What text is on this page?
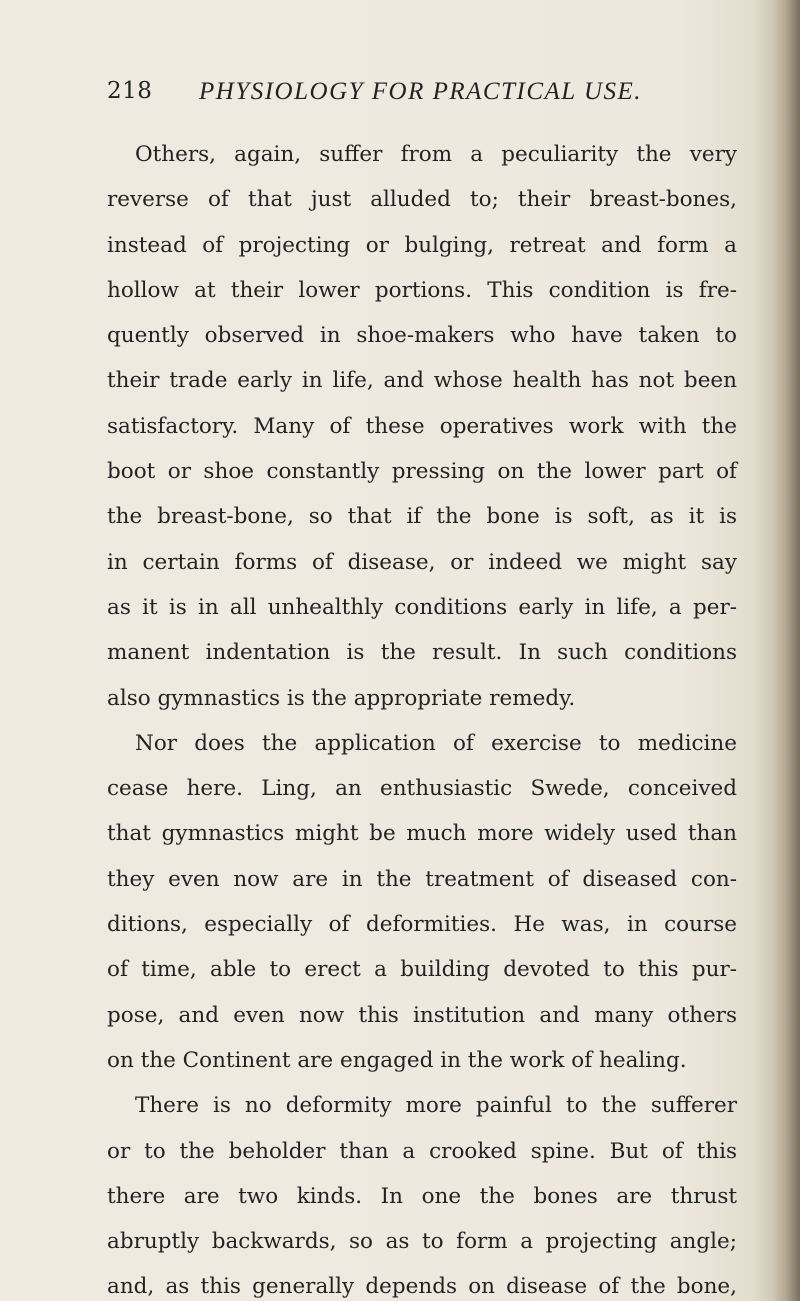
218 PHYSIOLOGY FOR PRACTICAL USE.
Others, again, suffer from a peculiarity the very
reverse of that just alluded to; their breast-bones,
instead of projecting or bulging, retreat and form a
hollow at their lower portions. This condition is fre-
quently observed in shoe-makers who have taken to
their trade early in life, and whose health has not been
satisfactory. Many of these operatives work with the
boot or shoe constantly pressing on the lower part of
the breast-bone, so that if the bone is soft, as it is
in certain forms of disease, or indeed we might say
as it is in all unhealthly conditions early in life, a per-
manent indentation is the result. In such conditions
also gymnastics is the appropriate remedy.
Nor does the application of exercise to medicine
cease here. Ling, an enthusiastic Swede, conceived
that gymnastics might be much more widely used than
they even now are in the treatment of diseased con-
ditions, especially of deformities. He was, in course
of time, able to erect a building devoted to this pur-
pose, and even now this institution and many others
on the Continent are engaged in the work of healing.
There is no deformity more painful to the sufferer
or to the beholder than a crooked spine. But of this
there are two kinds. In one the bones are thrust
abruptly backwards, so as to form a projecting angle;
and, as this generally depends on disease of the bone,
